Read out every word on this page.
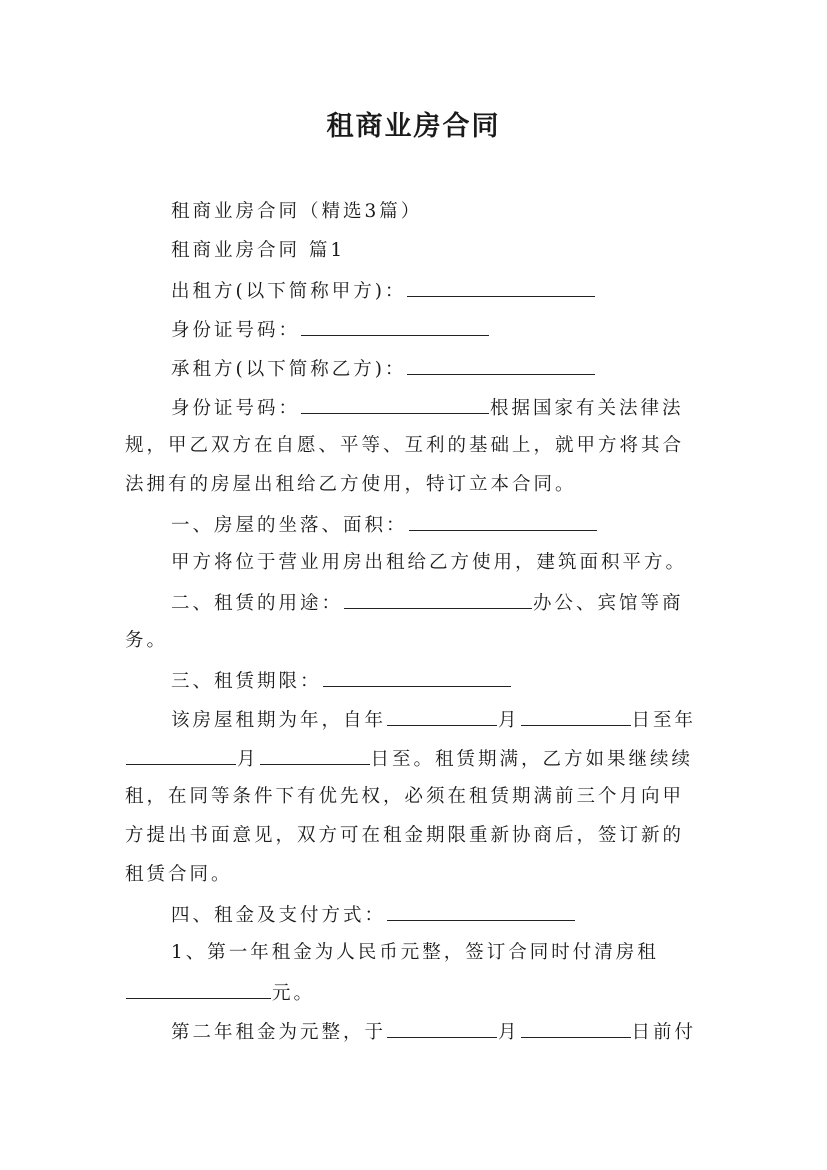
租商业房合同
租商业房合同（精选3篇）
租商业房合同 篇1
出租方(以下简称甲方)：
身份证号码：
承租方(以下简称乙方)：
身份证号码：	根据国家有关法律法
规，甲乙双方在自愿、平等、互利的基础上，就甲方将其合
法拥有的房屋出租给乙方使用，特订立本合同。
一、房屋的坐落、面积：
甲方将位于营业用房出租给乙方使用，建筑面积平方。
二、租赁的用途：	办公、宾馆等商
务。
三、租赁期限：
该房屋租期为年，自年	月	日至年
月	日至。租赁期满，乙方如果继续续
租，在同等条件下有优先权，必须在租赁期满前三个月向甲
方提出书面意见，双方可在租金期限重新协商后，签订新的
租赁合同。
四、租金及支付方式：
1、第一年租金为人民币元整，签订合同时付清房租
元。
第二年租金为元整，于	月	日前付
